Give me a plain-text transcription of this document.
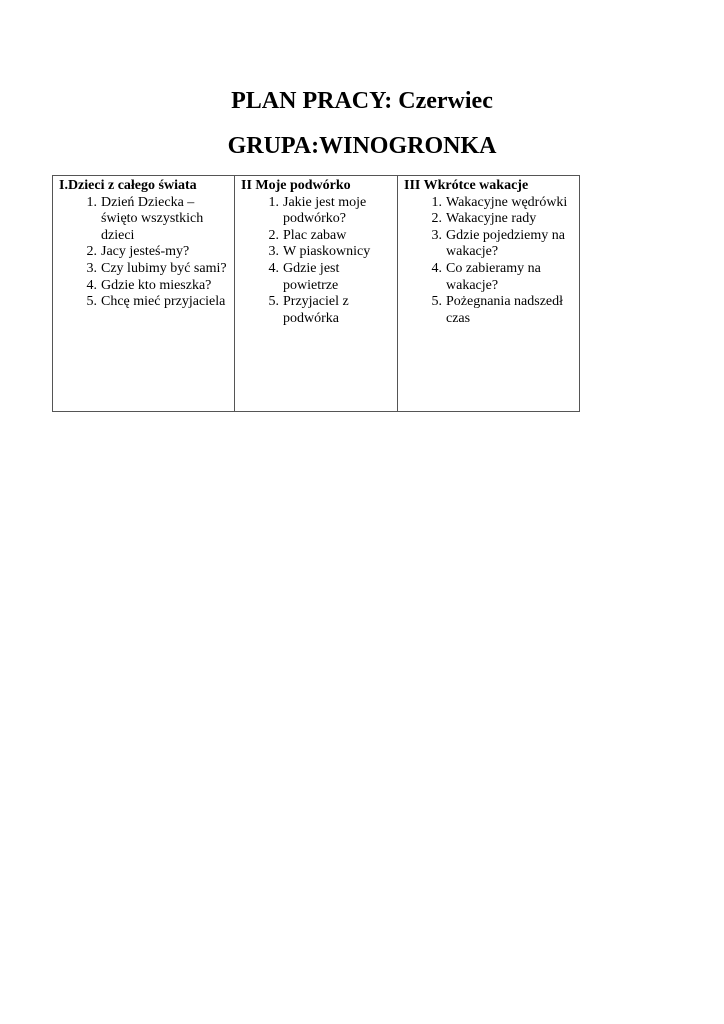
PLAN PRACY: Czerwiec
GRUPA:WINOGRONKA
I.Dzieci z całego świata
1. Dzień Dziecka – święto wszystkich dzieci
2. Jacy jesteś-my?
3. Czy lubimy być sami?
4. Gdzie kto mieszka?
5. Chcę mieć przyjaciela

II Moje podwórko
1. Jakie jest moje podwórko?
2. Plac zabaw
3. W piaskownicy
4. Gdzie jest powietrze
5. Przyjaciel z podwórka

III Wkrótce wakacje
1. Wakacyjne wędrówki
2. Wakacyjne rady
3. Gdzie pojedziemy na wakacje?
4. Co zabieramy na wakacje?
5. Pożegnania nadszedł czas
